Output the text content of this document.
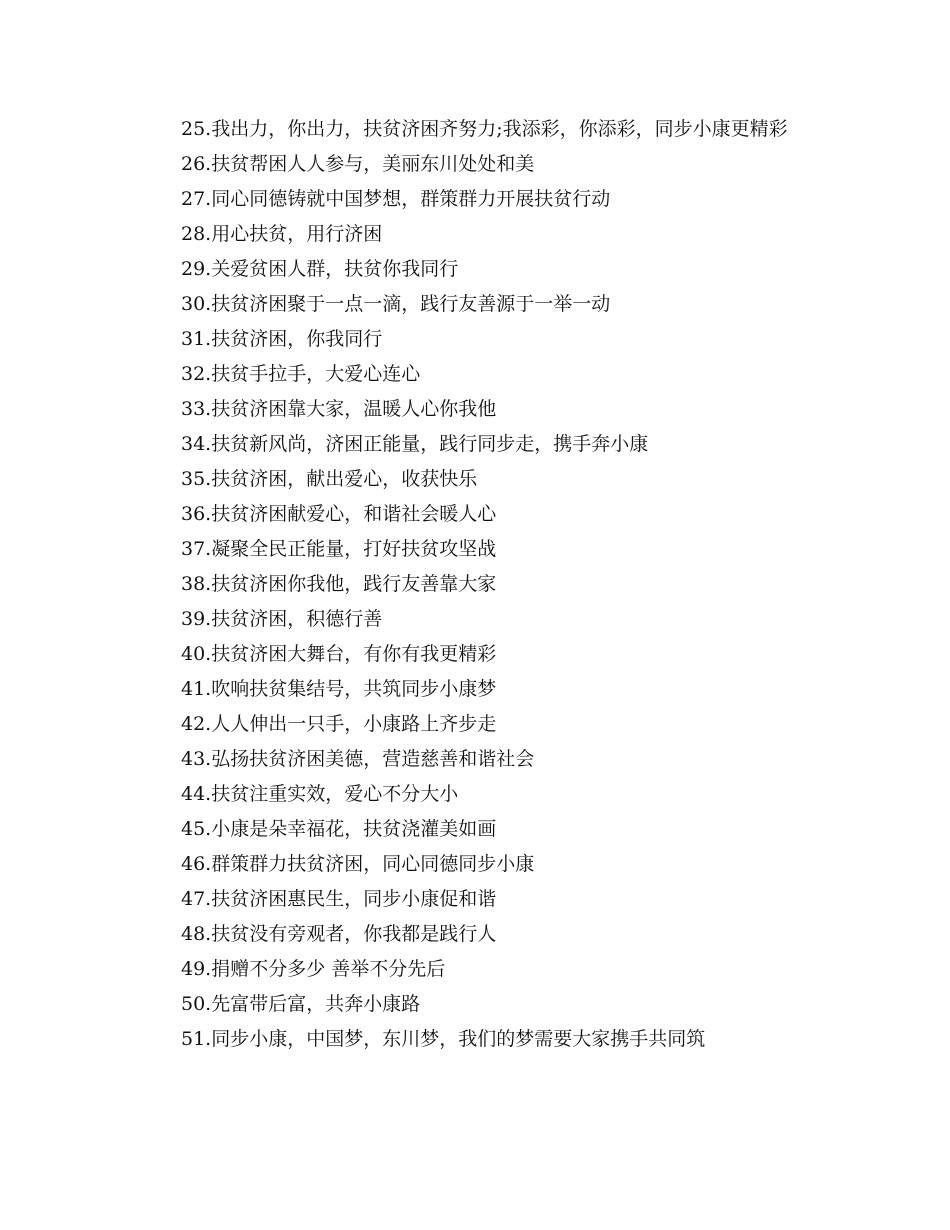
25.我出力，你出力，扶贫济困齐努力;我添彩，你添彩，同步小康更精彩

26.扶贫帮困人人参与，美丽东川处处和美

27.同心同德铸就中国梦想，群策群力开展扶贫行动

28.用心扶贫，用行济困

29.关爱贫困人群，扶贫你我同行

30.扶贫济困聚于一点一滴，践行友善源于一举一动

31.扶贫济困，你我同行

32.扶贫手拉手，大爱心连心

33.扶贫济困靠大家，温暖人心你我他

34.扶贫新风尚，济困正能量，践行同步走，携手奔小康

35.扶贫济困，献出爱心，收获快乐

36.扶贫济困献爱心，和谐社会暖人心

37.凝聚全民正能量，打好扶贫攻坚战

38.扶贫济困你我他，践行友善靠大家

39.扶贫济困，积德行善

40.扶贫济困大舞台，有你有我更精彩

41.吹响扶贫集结号，共筑同步小康梦

42.人人伸出一只手，小康路上齐步走

43.弘扬扶贫济困美德，营造慈善和谐社会

44.扶贫注重实效，爱心不分大小

45.小康是朵幸福花，扶贫浇灌美如画

46.群策群力扶贫济困，同心同德同步小康

47.扶贫济困惠民生，同步小康促和谐

48.扶贫没有旁观者，你我都是践行人

49.捐赠不分多少 善举不分先后

50.先富带后富，共奔小康路

51.同步小康，中国梦，东川梦，我们的梦需要大家携手共同筑
